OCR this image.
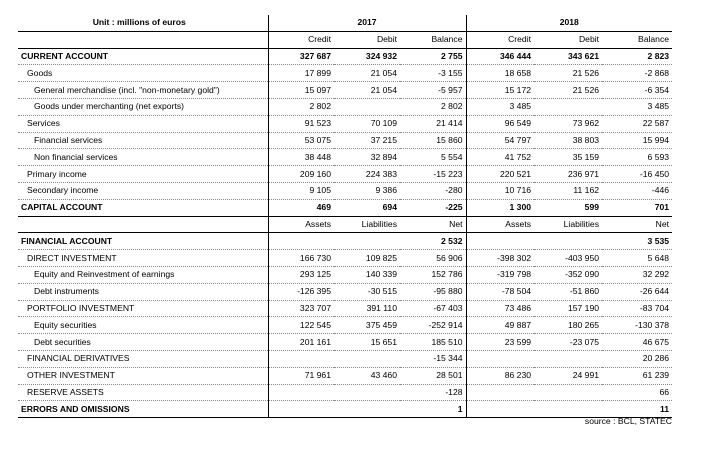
Unit : millions of euros	2017			2018		
	Credit	Debit	Balance	Credit	Debit	Balance
CURRENT ACCOUNT	327 687	324 932	2 755	346 444	343 621	2 823
Goods	17 899	21 054	-3 155	18 658	21 526	-2 868
General merchandise (incl. "non-monetary gold")	15 097	21 054	-5 957	15 172	21 526	-6 354
Goods under merchanting (net exports)	2 802		2 802	3 485		3 485
Services	91 523	70 109	21 414	96 549	73 962	22 587
Financial services	53 075	37 215	15 860	54 797	38 803	15 994
Non financial services	38 448	32 894	5 554	41 752	35 159	6 593
Primary income	209 160	224 383	-15 223	220 521	236 971	-16 450
Secondary income	9 105	9 386	-280	10 716	11 162	-446
CAPITAL ACCOUNT	469	694	-225	1 300	599	701
	Assets	Liabilities	Net	Assets	Liabilities	Net
FINANCIAL ACCOUNT			2 532			3 535
DIRECT INVESTMENT	166 730	109 825	56 906	-398 302	-403 950	5 648
Equity and Reinvestment of earnings	293 125	140 339	152 786	-319 798	-352 090	32 292
Debt instruments	-126 395	-30 515	-95 880	-78 504	-51 860	-26 644
PORTFOLIO INVESTMENT	323 707	391 110	-67 403	73 486	157 190	-83 704
Equity securities	122 545	375 459	-252 914	49 887	180 265	-130 378
Debt securities	201 161	15 651	185 510	23 599	-23 075	46 675
FINANCIAL DERIVATIVES			-15 344			20 286
OTHER INVESTMENT	71 961	43 460	28 501	86 230	24 991	61 239
RESERVE ASSETS			-128			66
ERRORS AND OMISSIONS			1			11
source : BCL, STATEC
